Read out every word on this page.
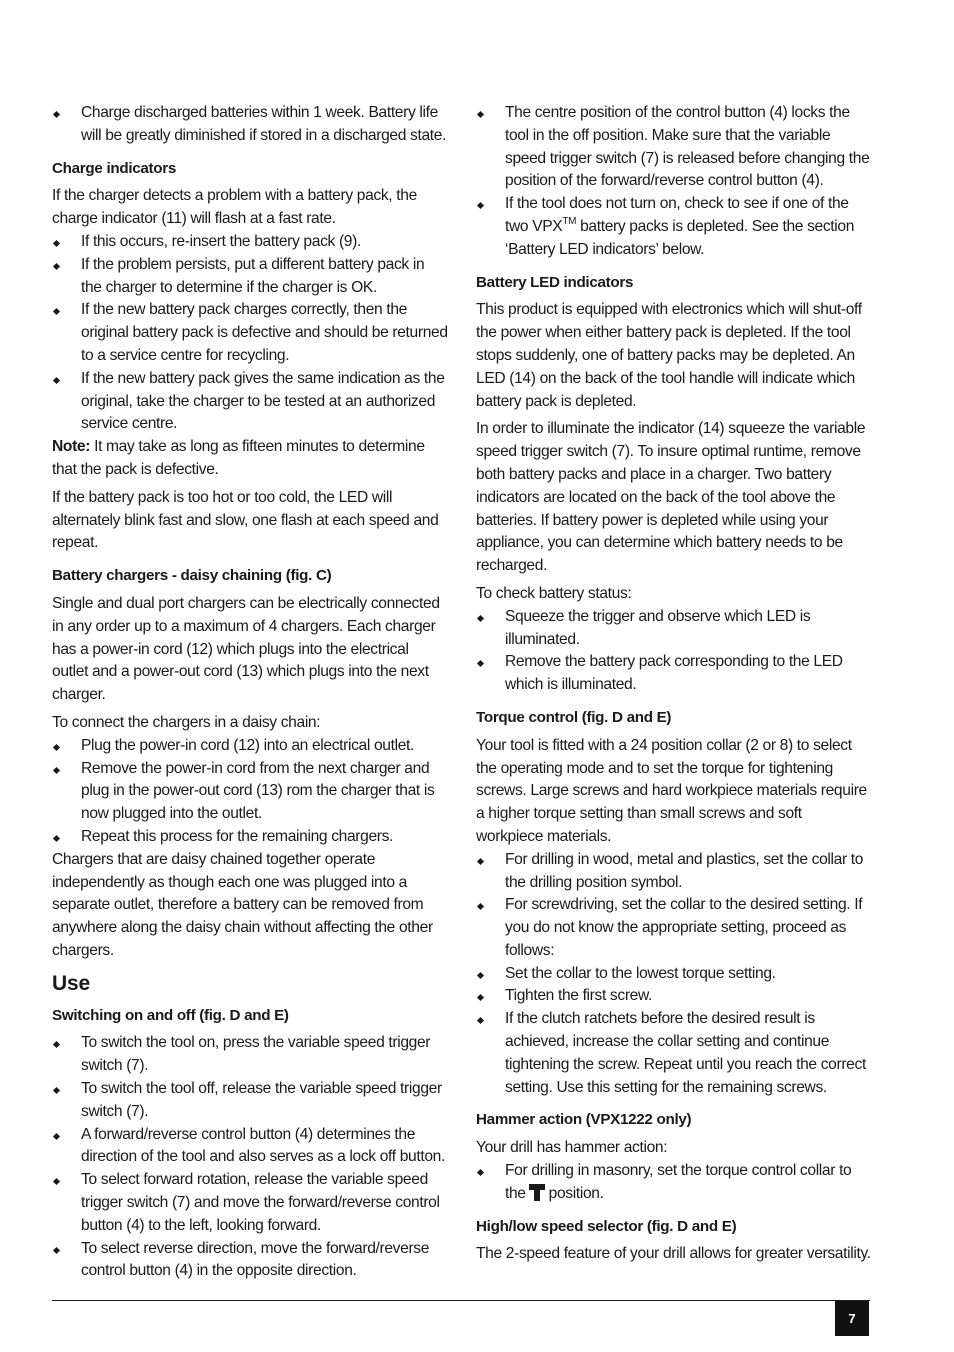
Charge discharged batteries within 1 week. Battery life will be greatly diminished if stored in a discharged state.
Charge indicators

If the charger detects a problem with a battery pack, the charge indicator (11) will flash at a fast rate.

If this occurs, re-insert the battery pack (9).
If the problem persists, put a different battery pack in the charger to determine if the charger is OK.
If the new battery pack charges correctly, then the original battery pack is defective and should be returned to a service centre for recycling.
If the new battery pack gives the same indication as the original, take the charger to be tested at an authorized service centre.

Note: It may take as long as fifteen minutes to determine that the pack is defective.

If the battery pack is too hot or too cold, the LED will alternately blink fast and slow, one flash at each speed and repeat.

Battery chargers - daisy chaining (fig. C)

Single and dual port chargers can be electrically connected in any order up to a maximum of 4 chargers. Each charger has a power-in cord (12) which plugs into the electrical outlet and a power-out cord (13) which plugs into the next charger.

To connect the chargers in a daisy chain:

Plug the power-in cord (12) into an electrical outlet.
Remove the power-in cord from the next charger and plug in the power-out cord (13) rom the charger that is now plugged into the outlet.
Repeat this process for the remaining chargers.

Chargers that are daisy chained together operate independently as though each one was plugged into a separate outlet, therefore a battery can be removed from anywhere along the daisy chain without affecting the other chargers.

Use
Switching on and off (fig. D and E)
To switch the tool on, press the variable speed trigger switch (7).
To switch the tool off, release the variable speed trigger switch (7).
A forward/reverse control button (4) determines the direction of the tool and also serves as a lock off button.
To select forward rotation, release the variable speed trigger switch (7) and move the forward/reverse control button (4) to the left, looking forward.
To select reverse direction, move the forward/reverse control button (4) in the opposite direction.
The centre position of the control button (4) locks the tool in the off position. Make sure that the variable speed trigger switch (7) is released before changing the position of the forward/reverse control button (4).
If the tool does not turn on, check to see if one of the two VPX™ battery packs is depleted. See the section ‘Battery LED indicators’ below.
Battery LED indicators

This product is equipped with electronics which will shut-off the power when either battery pack is depleted. If the tool stops suddenly, one of battery packs may be depleted. An LED (14) on the back of the tool handle will indicate which battery pack is depleted.

In order to illuminate the indicator (14) squeeze the variable speed trigger switch (7). To insure optimal runtime, remove both battery packs and place in a charger. Two battery indicators are located on the back of the tool above the batteries. If battery power is depleted while using your appliance, you can determine which battery needs to be recharged.

To check battery status:

Squeeze the trigger and observe which LED is illuminated.
Remove the battery pack corresponding to the LED which is illuminated.
Torque control (fig. D and E)

Your tool is fitted with a 24 position collar (2 or 8) to select the operating mode and to set the torque for tightening screws. Large screws and hard workpiece materials require a higher torque setting than small screws and soft workpiece materials.

For drilling in wood, metal and plastics, set the collar to the drilling position symbol.
For screwdriving, set the collar to the desired setting. If you do not know the appropriate setting, proceed as follows:
Set the collar to the lowest torque setting.
Tighten the first screw.
If the clutch ratchets before the desired result is achieved, increase the collar setting and continue tightening the screw. Repeat until you reach the correct setting. Use this setting for the remaining screws.
Hammer action (VPX1222 only)

Your drill has hammer action:

For drilling in masonry, set the torque control collar to the position.
High/low speed selector (fig. D and E)

The 2-speed feature of your drill allows for greater versatility.

7
